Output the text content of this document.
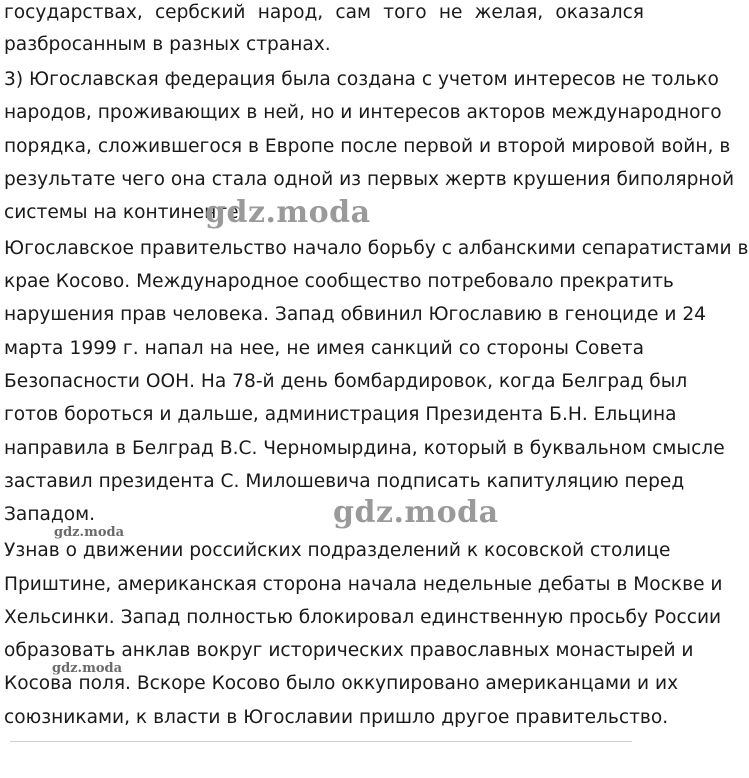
государствах, сербский народ, сам того не желая, оказался
разбросанным в разных странах.
3) Югославская федерация была создана с учетом интересов не только
народов, проживающих в ней, но и интересов акторов международного
порядка, сложившегося в Европе после первой и второй мировой войн, в
результате чего она стала одной из первых жертв крушения биполярной
системы на континенте.
Югославское правительство начало борьбу с албанскими сепаратистами в
крае Косово. Международное сообщество потребовало прекратить
нарушения прав человека. Запад обвинил Югославию в геноциде и 24
марта 1999 г. напал на нее, не имея санкций со стороны Совета
Безопасности ООН. На 78-й день бомбардировок, когда Белград был
готов бороться и дальше, администрация Президента Б.Н. Ельцина
направила в Белград В.С. Черномырдина, который в буквальном смысле
заставил президента С. Милошевича подписать капитуляцию перед
Западом.
Узнав о движении российских подразделений к косовской столице
Приштине, американская сторона начала недельные дебаты в Москве и
Хельсинки. Запад полностью блокировал единственную просьбу России
образовать анклав вокруг исторических православных монастырей и
Косова поля. Вскоре Косово было оккупировано американцами и их
союзниками, к власти в Югославии пришло другое правительство.
gdz.moda
gdz.moda
gdz.moda
gdz.moda
